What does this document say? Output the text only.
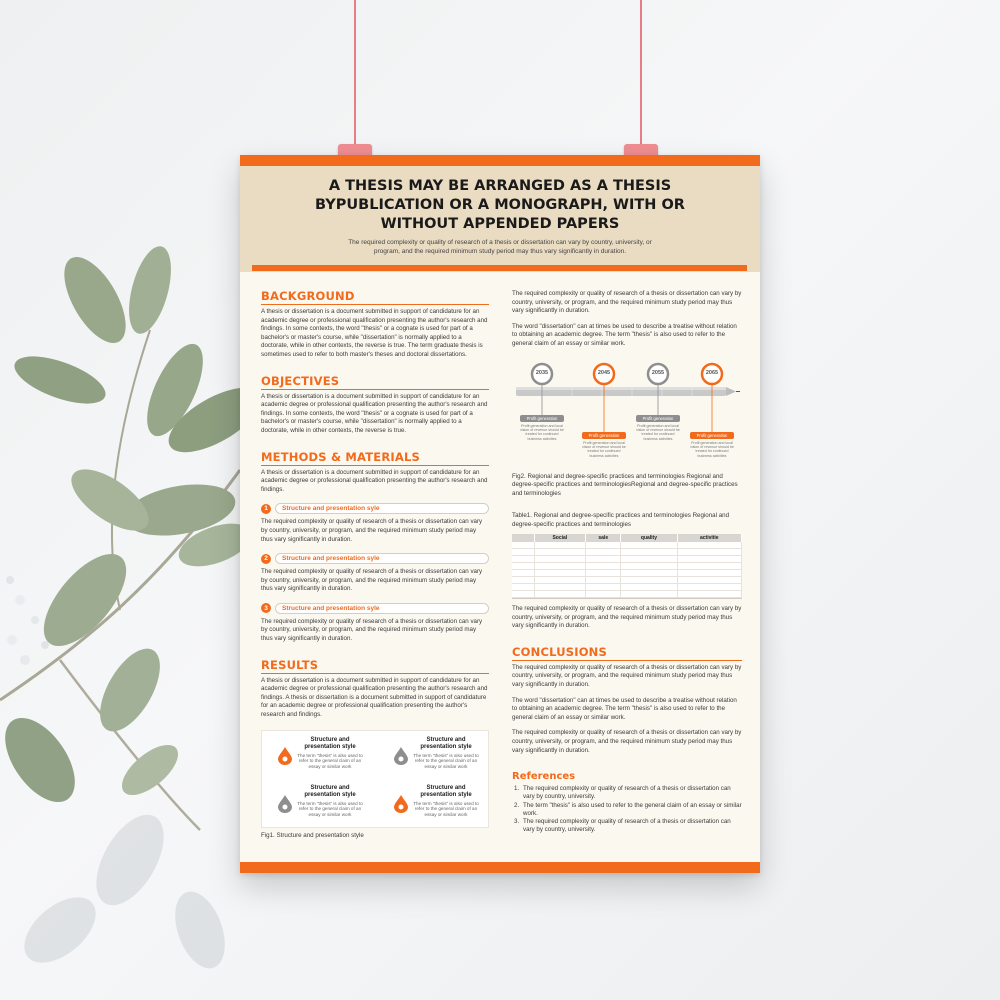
A THESIS MAY BE ARRANGED AS A THESIS BYPUBLICATION OR A MONOGRAPH, WITH OR WITHOUT APPENDED PAPERS
The required complexity or quality of research of a thesis or dissertation can vary by country, university, or program, and the required minimum study period may thus vary significantly in duration.
BACKGROUND
A thesis or dissertation is a document submitted in support of candidature for an academic degree or professional qualification presenting the author's research and findings. In some contexts, the word "thesis" or a cognate is used for part of a bachelor's or master's course, while "dissertation" is normally applied to a doctorate, while in other contexts, the reverse is true. The term graduate thesis is sometimes used to refer to both master's theses and doctoral dissertations.
OBJECTIVES
A thesis or dissertation is a document submitted in support of candidature for an academic degree or professional qualification presenting the author's research and findings. In some contexts, the word "thesis" or a cognate is used for part of a bachelor's or master's course, while "dissertation" is normally applied to a doctorate, while in other contexts, the reverse is true.
METHODS & MATERIALS
A thesis or dissertation is a document submitted in support of candidature for an academic degree or professional qualification presenting the author's research and findings.
1	Structure and presentation syle
The required complexity or quality of research of a thesis or dissertation can vary by country, university, or program, and the required minimum study period may thus vary significantly in duration.
2	Structure and presentation syle
The required complexity or quality of research of a thesis or dissertation can vary by country, university, or program, and the required minimum study period may thus vary significantly in duration.
3	Structure and presentation syle
The required complexity or quality of research of a thesis or dissertation can vary by country, university, or program, and the required minimum study period may thus vary significantly in duration.
RESULTS
A thesis or dissertation is a document submitted in support of candidature for an academic degree or professional qualification presenting the author's research and findings. A thesis or dissertation is a document submitted in support of candidature for an academic degree or professional qualification presenting the author's research and findings.
Structure and presentation style
The term "thesis" is also used to refer to the general claim of an essay or similar work
Structure and presentation style
The term "thesis" is also used to refer to the general claim of an essay or similar work
Structure and presentation style
The term "thesis" is also used to refer to the general claim of an essay or similar work
Structure and presentation style
The term "thesis" is also used to refer to the general claim of an essay or similar work
Fig1. Structure and presentation style
The required complexity or quality of research of a thesis or dissertation can vary by country, university, or program, and the required minimum study period may thus vary significantly in duration.
The word "dissertation" can at times be used to describe a treatise without relation to obtaining an academic degree. The term "thesis" is also used to refer to the general claim of an essay or similar work.
2035	2045	2055	2065
Profit generation
Profit generation
Profit generation
Profit generation
Profit generation and local vision of revenue should be treated for continued business activities
Profit generation and local vision of revenue should be treated for continued business activities
Profit generation and local vision of revenue should be treated for continued business activities
Profit generation and local vision of revenue should be treated for continued business activities
Fig2. Regional and degree-specific practices and terminologies Regional and degree-specific practices and terminologiesRegional and degree-specific practices and terminologies
Table1. Regional and degree-specific practices and terminologies Regional and degree-specific practices and terminologies
	Social	sale	quality	activitie

The required complexity or quality of research of a thesis or dissertation can vary by country, university, or program, and the required minimum study period may thus vary significantly in duration.
CONCLUSIONS
The required complexity or quality of research of a thesis or dissertation can vary by country, university, or program, and the required minimum study period may thus vary significantly in duration.
The word "dissertation" can at times be used to describe a treatise without relation to obtaining an academic degree. The term "thesis" is also used to refer to the general claim of an essay or similar work.
The required complexity or quality of research of a thesis or dissertation can vary by country, university, or program, and the required minimum study period may thus vary significantly in duration.
References
1. The required complexity or quality of research of a thesis or dissertation can vary by country, university.
2. The term "thesis" is also used to refer to the general claim of an essay or similar work.
3. The required complexity or quality of research of a thesis or dissertation can vary by country, university.
